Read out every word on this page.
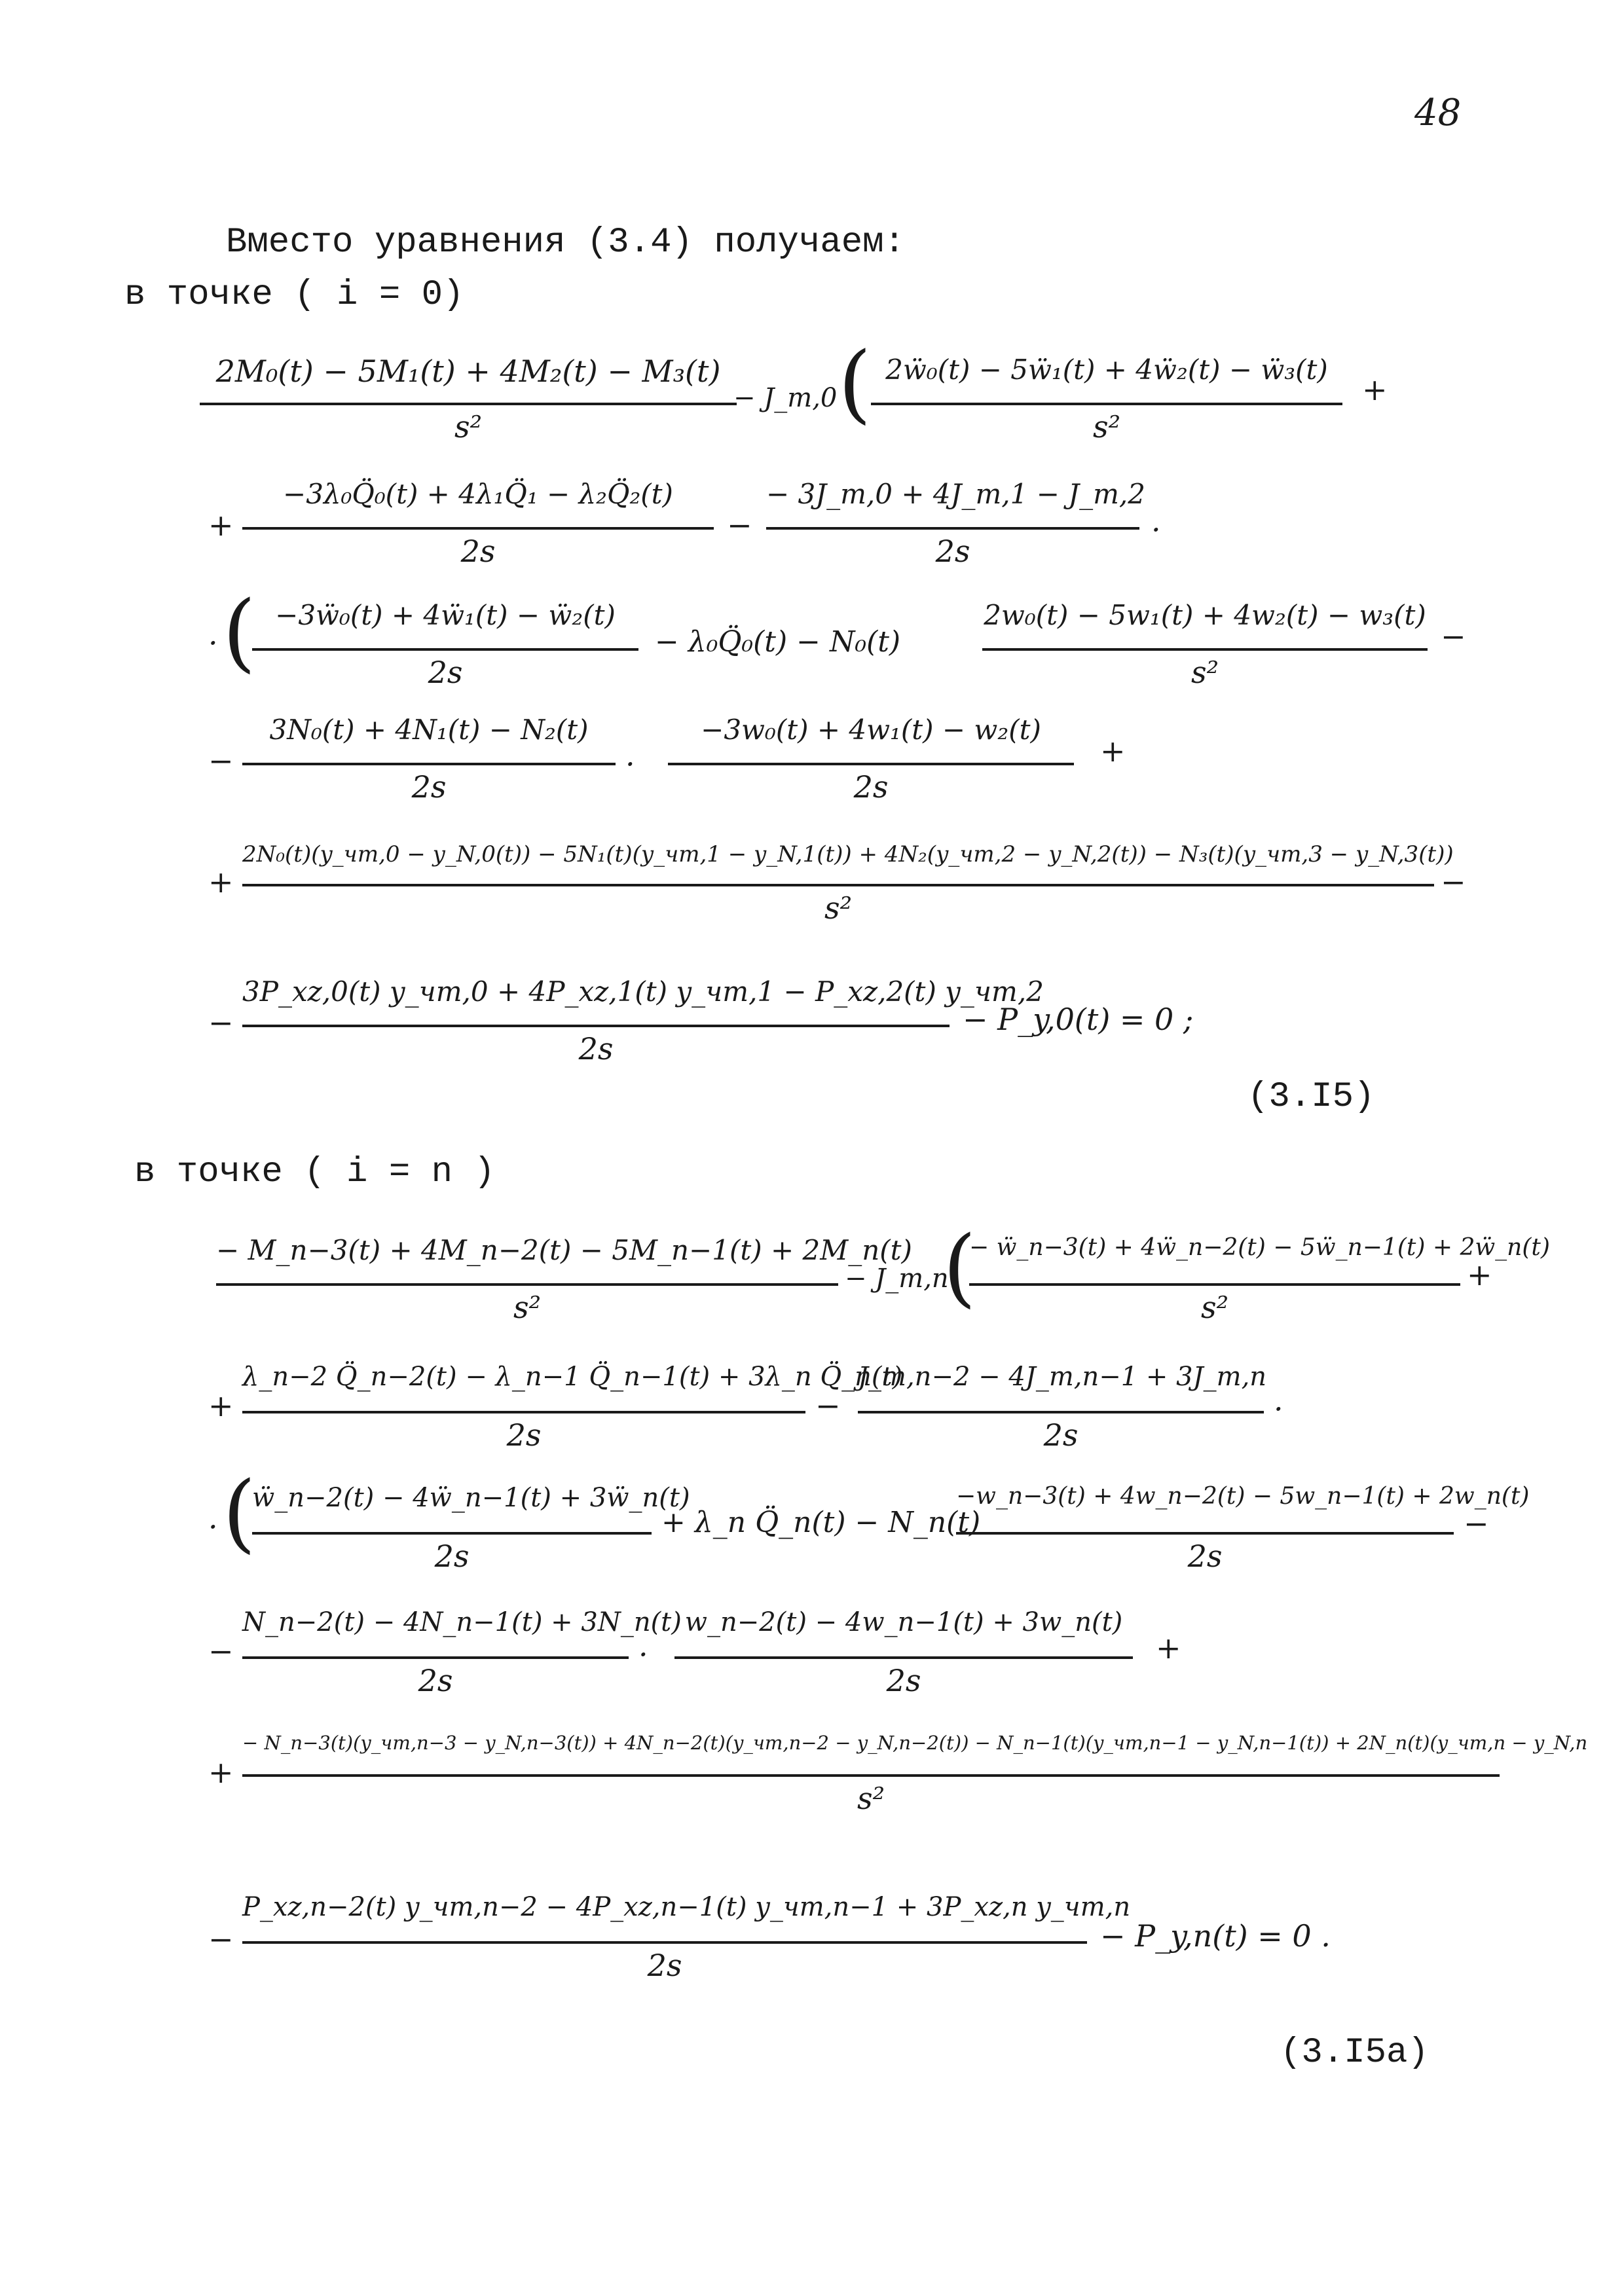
48
Вместо уравнения (3.4) получаем:
в точке ( i = 0)
2M₀(t) − 5M₁(t) + 4M₂(t) − M₃(t)
s²
− J_m,0 ( 2ẅ₀(t) − 5ẅ₁(t) + 4ẅ₂(t) − ẅ₃(t)
s²
+
+
−3λ₀Q̈₀(t) + 4λ₁Q̈₁ − λ₂Q̈₂(t)
2s
−
− 3J_m,0 + 4J_m,1 − J_m,2
2s
·
· ( −3ẅ₀(t) + 4ẅ₁(t) − ẅ₂(t)
2s
− λ₀Q̈₀(t) − N₀(t)
2w₀(t) − 5w₁(t) + 4w₂(t) − w₃(t)
s²
−
−
3N₀(t) + 4N₁(t) − N₂(t)
2s
·
−3w₀(t) + 4w₁(t) − w₂(t)
2s
+
+
2N₀(t)(y_чт,0 − y_N,0(t)) − 5N₁(t)(y_чт,1 − y_N,1(t)) + 4N₂(y_чт,2 − y_N,2(t)) − N₃(t)(y_чт,3 − y_N,3(t))
s²
−
−
3P_xz,0(t) y_чт,0 + 4P_xz,1(t) y_чт,1 − P_xz,2(t) y_чт,2
2s
− P_y,0(t) = 0 ;
(3.I5)
в точке ( i = n )
− M_n−3(t) + 4M_n−2(t) − 5M_n−1(t) + 2M_n(t)
s²
− J_m,n
(
− ẅ_n−3(t) + 4ẅ_n−2(t) − 5ẅ_n−1(t) + 2ẅ_n(t)
s²
+
+
λ_n−2 Q̈_n−2(t) − λ_n−1 Q̈_n−1(t) + 3λ_n Q̈_n(t)
2s
−
J_m,n−2 − 4J_m,n−1 + 3J_m,n
2s
·
· (
ẅ_n−2(t) − 4ẅ_n−1(t) + 3ẅ_n(t)
2s
+ λ_n Q̈_n(t) − N_n(t)
−w_n−3(t) + 4w_n−2(t) − 5w_n−1(t) + 2w_n(t)
2s
−
−
N_n−2(t) − 4N_n−1(t) + 3N_n(t)
2s
·
w_n−2(t) − 4w_n−1(t) + 3w_n(t)
2s
+
+
− N_n−3(t)(y_чт,n−3 − y_N,n−3(t)) + 4N_n−2(t)(y_чт,n−2 − y_N,n−2(t)) − N_n−1(t)(y_чт,n−1 − y_N,n−1(t)) + 2N_n(t)(y_чт,n − y_N,n
s²
−
P_xz,n−2(t) y_чт,n−2 − 4P_xz,n−1(t) y_чт,n−1 + 3P_xz,n y_чт,n
2s
− P_y,n(t) = 0 .
(3.I5a)
